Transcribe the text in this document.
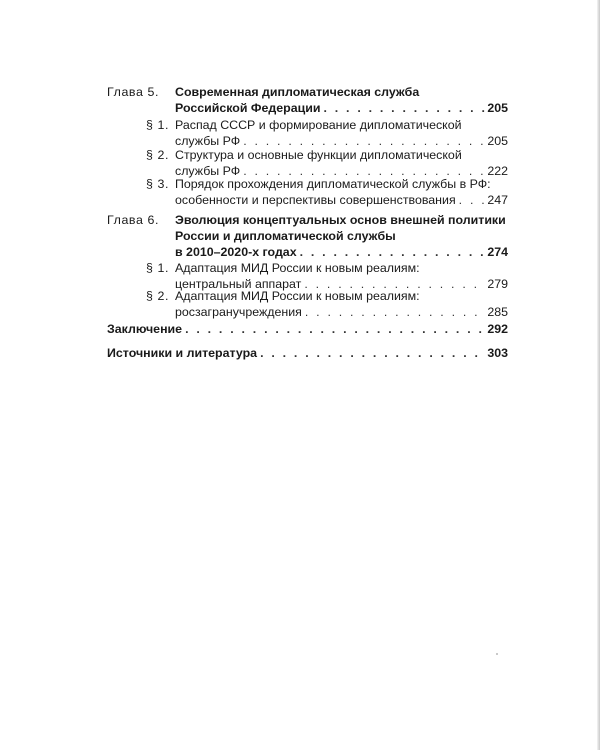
Глава 5. Современная дипломатическая служба
Российской Федерации . . .	205
§ 1. Распад СССР и формирование дипломатической
службы РФ . . .	205
§ 2. Структура и основные функции дипломатической
службы РФ . . .	222
§ 3. Порядок прохождения дипломатической службы в РФ:
особенности и перспективы совершенствования . . .	247
Глава 6. Эволюция концептуальных основ внешней политики
России и дипломатической службы
в 2010–2020-х годах . . .	274
§ 1. Адаптация МИД России к новым реалиям:
центральный аппарат . . .	279
§ 2. Адаптация МИД России к новым реалиям:
росзагранучреждения . . .	285
Заключение . . .	292
Источники и литература . . .	303
